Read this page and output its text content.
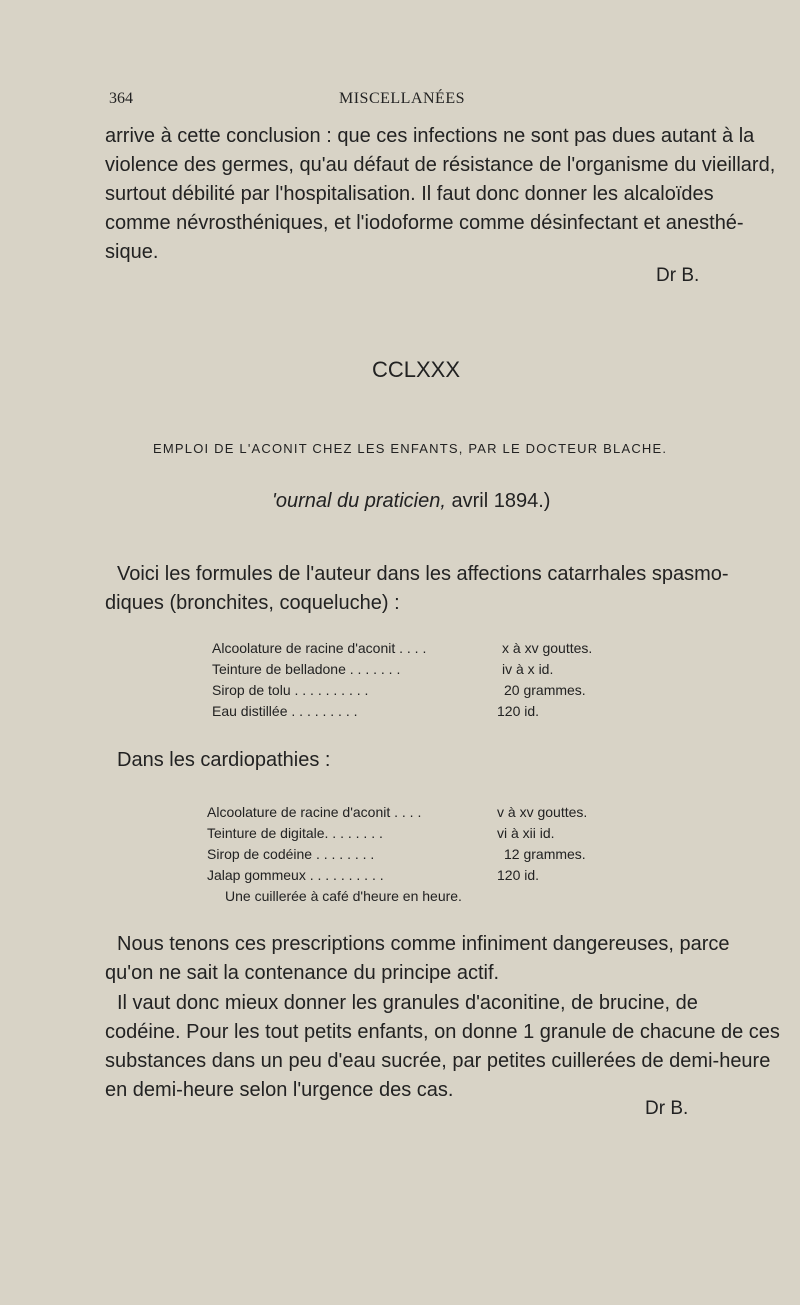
364	MISCELLANÉES
arrive à cette conclusion : que ces infections ne sont pas dues autant à la
violence des germes, qu'au défaut de résistance de l'organisme du vieillard,
surtout débilité par l'hospitalisation. Il faut donc donner les alcaloïdes
comme névrosthéniques, et l'iodoforme comme désinfectant et anesthé-
sique.
Dr B.
CCLXXX
EMPLOI DE L'ACONIT CHEZ LES ENFANTS, PAR LE DOCTEUR BLACHE.
'ournal du praticien, avril 1894.)
Voici les formules de l'auteur dans les affections catarrhales spasmo-
diques (bronchites, coqueluche) :
Alcoolature de racine d'aconit . . . .	x à xv gouttes.
Teinture de belladone . . . . . . .	iv à x id.
Sirop de tolu . . . . . . . . . .	20 grammes.
Eau distillée . . . . . . . . .	120 id.
Dans les cardiopathies :
Alcoolature de racine d'aconit . . . .	v à xv gouttes.
Teinture de digitale. . . . . . . .	vi à xii id.
Sirop de codéine . . . . . . . .	12 grammes.
Jalap gommeux . . . . . . . . . .	120 id.
Une cuillerée à café d'heure en heure.
Nous tenons ces prescriptions comme infiniment dangereuses, parce
qu'on ne sait la contenance du principe actif.
Il vaut donc mieux donner les granules d'aconitine, de brucine, de
codéine. Pour les tout petits enfants, on donne 1 granule de chacune de ces
substances dans un peu d'eau sucrée, par petites cuillerées de demi-heure
en demi-heure selon l'urgence des cas.
Dr B.
